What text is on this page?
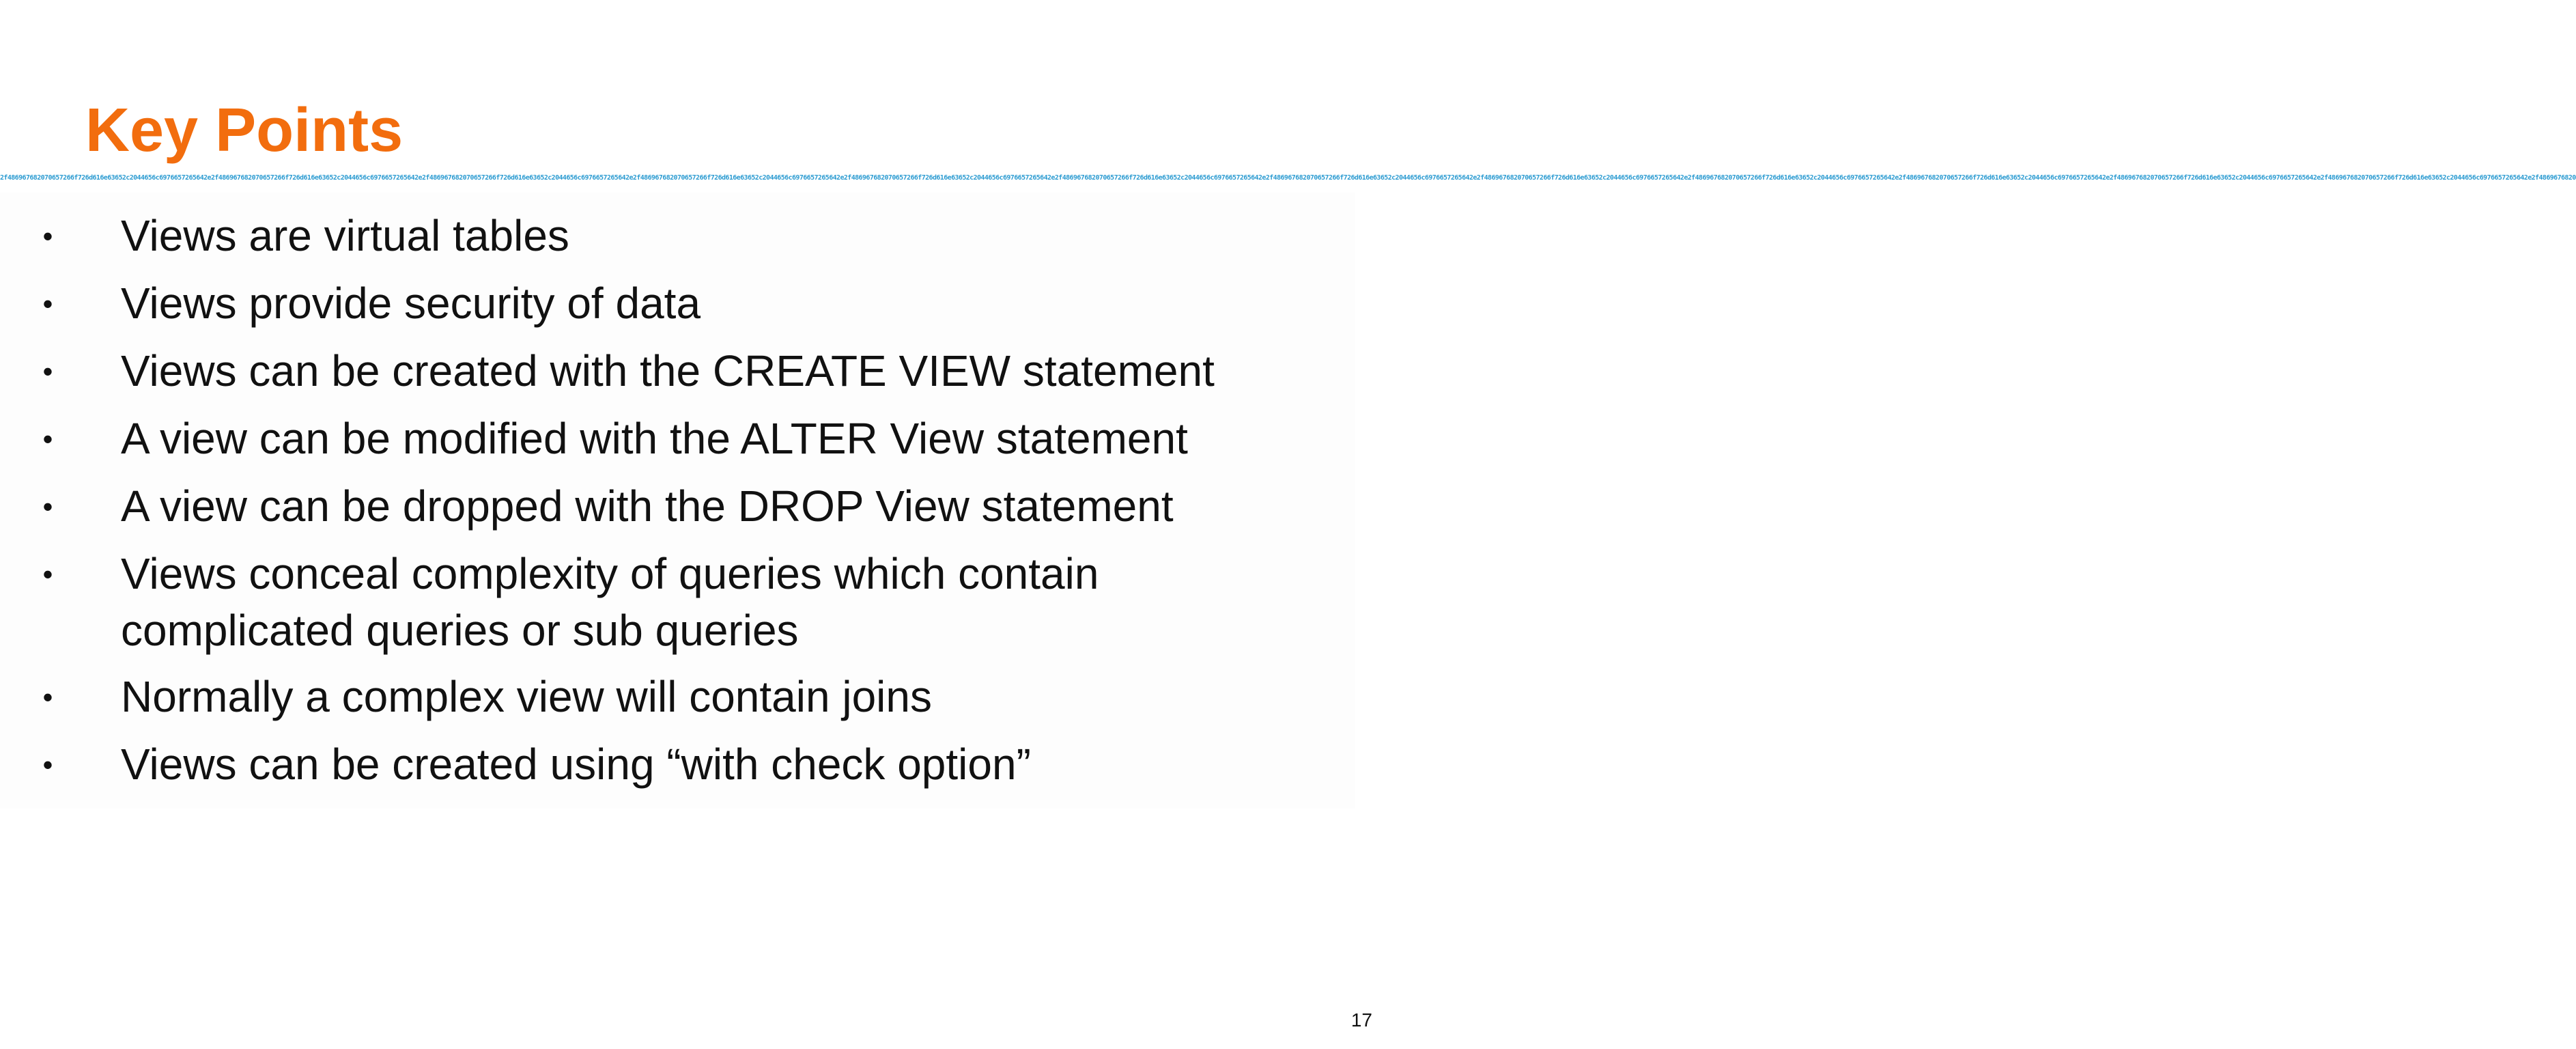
Key Points
2f486967682070657266f726d616e63652c2044656c6976657265642e2f486967682070657266f726d616e63652c2044656c6976657265642e2f486967682070657266f726d616e63652c2044656c6976657265642e2f486967682070657266f726d616e63652c2044656c6976657265642e2f486967682070657266f726d616e63652c2044656c6976657265642e2f486967682070657266f726d616e63652c2044656c6976657265642e2f486967682070657266f726d616e63652c2044656c6976657265642e2f486967682070657266f726d616e63652c2044656c6976657265642e2f486967682070657266f726d616e63652c2044656c6976657265642e2f486967682070657266f726d616e63652c2044656c6976657265642e2f486967682070657266f726d616e63652c2044656c6976657265642e2f486967682070657266f726d616e63652c2044656c6976657265642e2f4869676820
• Views are virtual tables
• Views provide security of data
• Views can be created with the CREATE VIEW statement
• A view can be modified with the ALTER View statement
• A view can be dropped with the DROP View statement
• Views conceal complexity of queries which contain complicated queries or sub queries
• Normally a complex view will contain joins
• Views can be created using “with check option”
17
